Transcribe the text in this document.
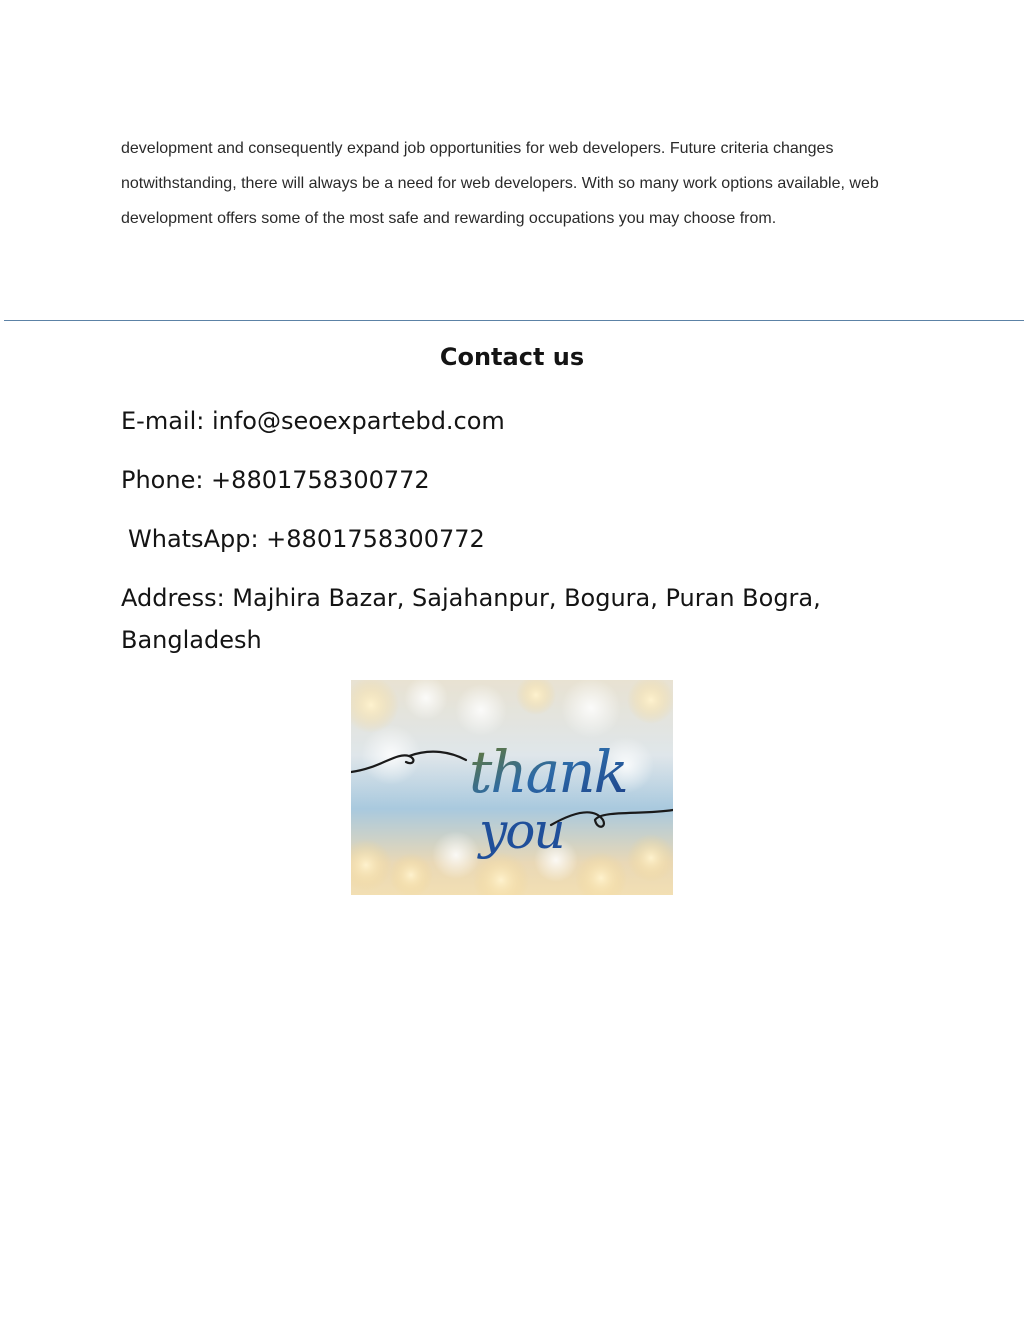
development and consequently expand job opportunities for web developers. Future criteria changes notwithstanding, there will always be a need for web developers. With so many work options available, web development offers some of the most safe and rewarding occupations you may choose from.

Contact us

E-mail: info@seoexpartebd.com

Phone: +8801758300772

WhatsApp: +8801758300772

Address: Majhira Bazar, Sajahanpur, Bogura, Puran Bogra, Bangladesh

thank
you
